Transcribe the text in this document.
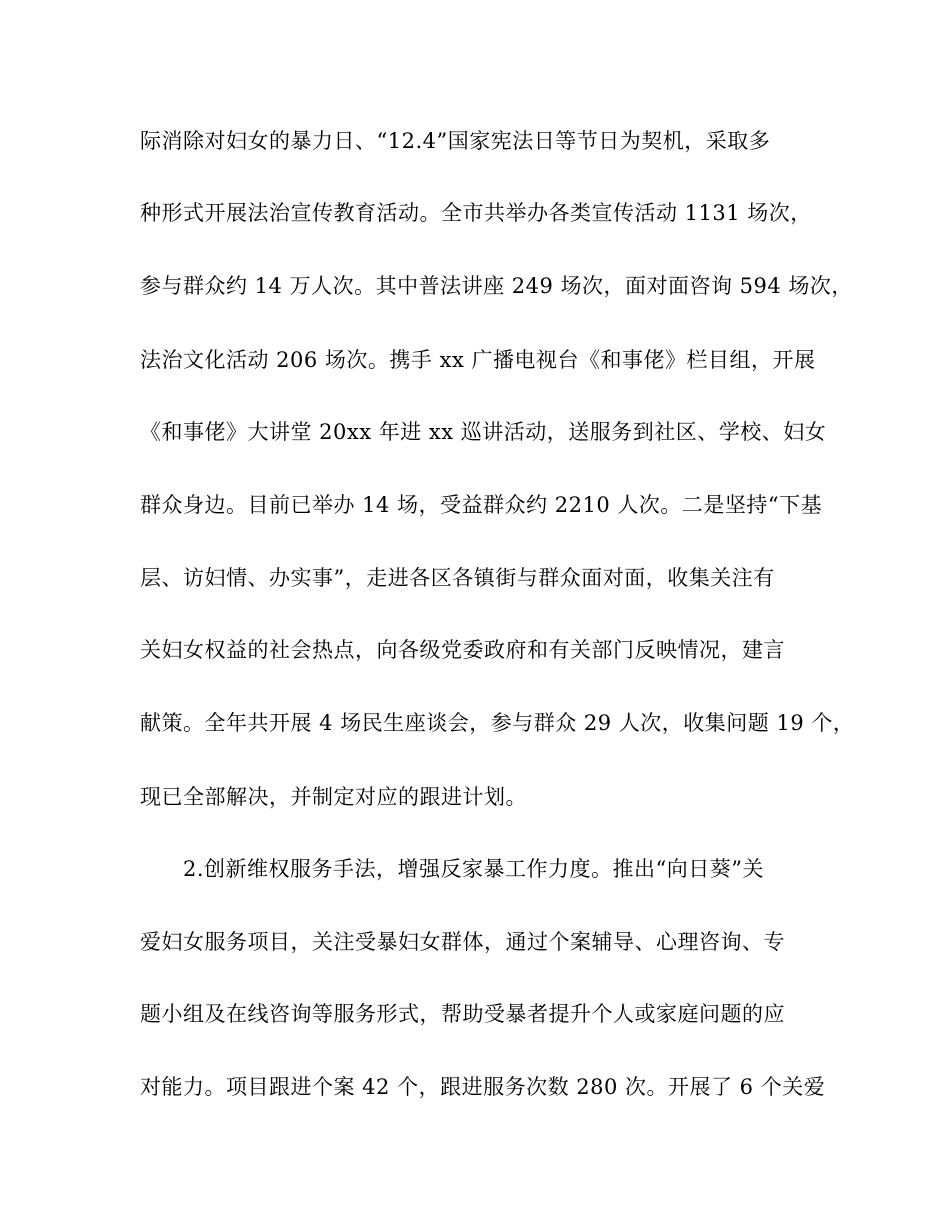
际消除对妇女的暴力日、“12.4”国家宪法日等节日为契机，采取多
种形式开展法治宣传教育活动。全市共举办各类宣传活动 1131 场次，
参与群众约 14 万人次。其中普法讲座 249 场次，面对面咨询 594 场次，
法治文化活动 206 场次。携手 xx 广播电视台《和事佬》栏目组，开展
《和事佬》大讲堂 20xx 年进 xx 巡讲活动，送服务到社区、学校、妇女
群众身边。目前已举办 14 场，受益群众约 2210 人次。二是坚持“下基
层、访妇情、办实事”，走进各区各镇街与群众面对面，收集关注有
关妇女权益的社会热点，向各级党委政府和有关部门反映情况，建言
献策。全年共开展 4 场民生座谈会，参与群众 29 人次，收集问题 19 个，
现已全部解决，并制定对应的跟进计划。
2.创新维权服务手法，增强反家暴工作力度。推出“向日葵”关
爱妇女服务项目，关注受暴妇女群体，通过个案辅导、心理咨询、专
题小组及在线咨询等服务形式，帮助受暴者提升个人或家庭问题的应
对能力。项目跟进个案 42 个，跟进服务次数 280 次。开展了 6 个关爱
